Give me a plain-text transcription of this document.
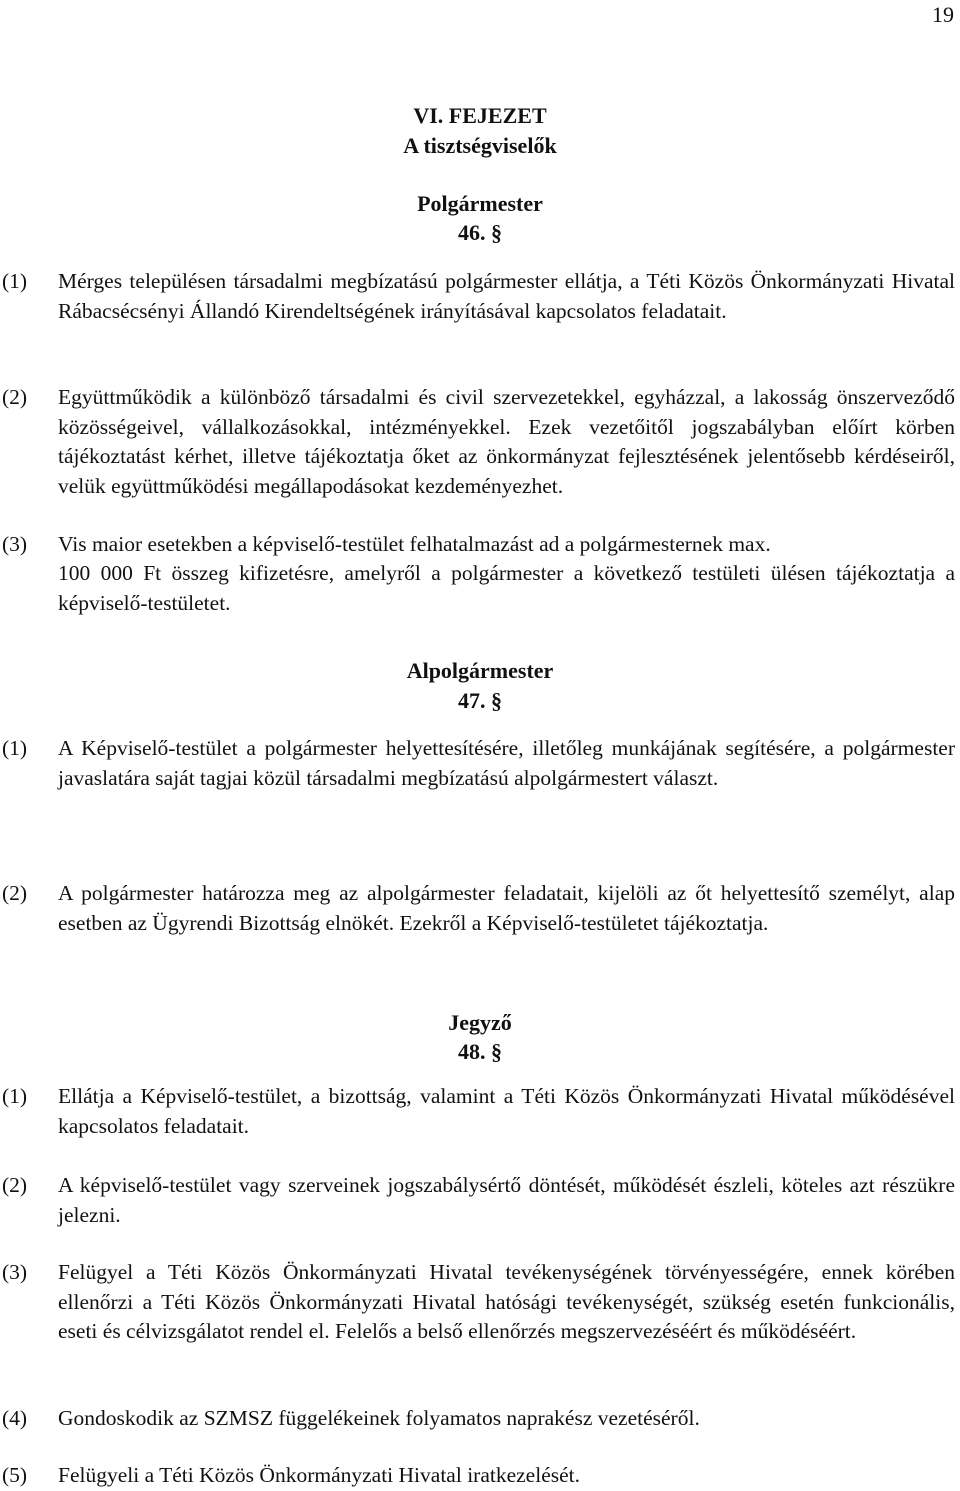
19
VI. FEJEZET
A tisztségviselők
Polgármester
46. §
(1) Mérges településen társadalmi megbízatású polgármester ellátja, a Téti Közös Önkormányzati Hivatal Rábacsécsényi Állandó Kirendeltségének irányításával kapcsolatos feladatait.
(2) Együttműködik a különböző társadalmi és civil szervezetekkel, egyházzal, a lakosság önszerveződő közösségeivel, vállalkozásokkal, intézményekkel. Ezek vezetőitől jogszabályban előírt körben tájékoztatást kérhet, illetve tájékoztatja őket az önkormányzat fejlesztésének jelentősebb kérdéseiről, velük együttműködési megállapodásokat kezdeményezhet.
(3) Vis maior esetekben a képviselő-testület felhatalmazást ad a polgármesternek max.
100 000 Ft összeg kifizetésre, amelyről a polgármester a következő testületi ülésen tájékoztatja a képviselő-testületet.
Alpolgármester
47. §
(1) A Képviselő-testület a polgármester helyettesítésére, illetőleg munkájának segítésére, a polgármester javaslatára saját tagjai közül társadalmi megbízatású alpolgármestert választ.
(2) A polgármester határozza meg az alpolgármester feladatait, kijelöli az őt helyettesítő személyt, alap esetben az Ügyrendi Bizottság elnökét. Ezekről a Képviselő-testületet tájékoztatja.
Jegyző
48. §
(1) Ellátja a Képviselő-testület, a bizottság, valamint a Téti Közös Önkormányzati Hivatal működésével kapcsolatos feladatait.
(2) A képviselő-testület vagy szerveinek jogszabálysértő döntését, működését észleli, köteles azt részükre jelezni.
(3) Felügyel a Téti Közös Önkormányzati Hivatal tevékenységének törvényességére, ennek körében ellenőrzi a Téti Közös Önkormányzati Hivatal hatósági tevékenységét, szükség esetén funkcionális, eseti és célvizsgálatot rendel el. Felelős a belső ellenőrzés megszervezéséért és működéséért.
(4) Gondoskodik az SZMSZ függelékeinek folyamatos naprakész vezetéséről.
(5) Felügyeli a Téti Közös Önkormányzati Hivatal iratkezelését.
